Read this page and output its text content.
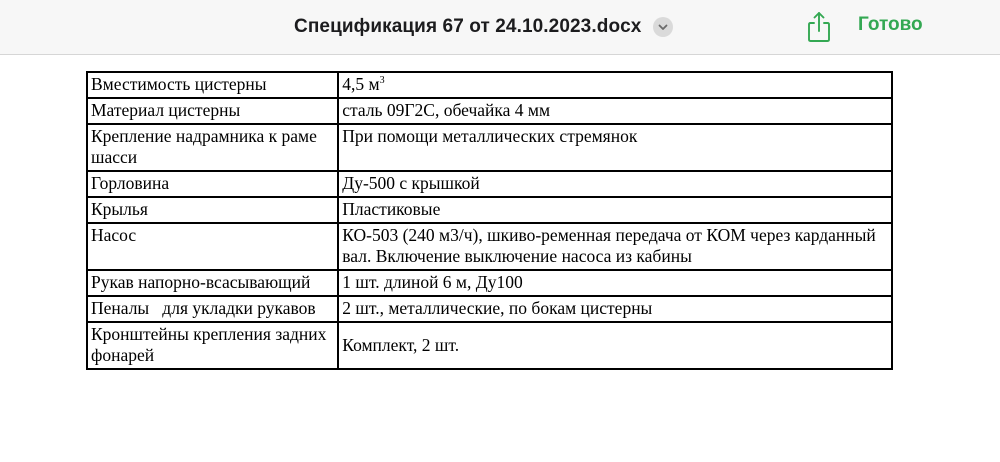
Спецификация 67 от 24.10.2023.docx	Готово
Вместимость цистерны	4,5 $м^3$
Материал цистерны	сталь 09Г2С, обечайка 4 мм
Крепление надрамника к раме шасси	При помощи металлических стремянок
Горловина	Ду-500 с крышкой
Крылья	Пластиковые
Насос	КО-503 (240 м3/ч), шкиво-ременная передача от КОМ через карданный вал. Включение выключение насоса из кабины
Рукав напорно-всасывающий	1 шт. длиной 6 м, Ду100
Пеналы   для укладки рукавов	2 шт., металлические, по бокам цистерны
Кронштейны крепления задних фонарей	Комплект, 2 шт.
